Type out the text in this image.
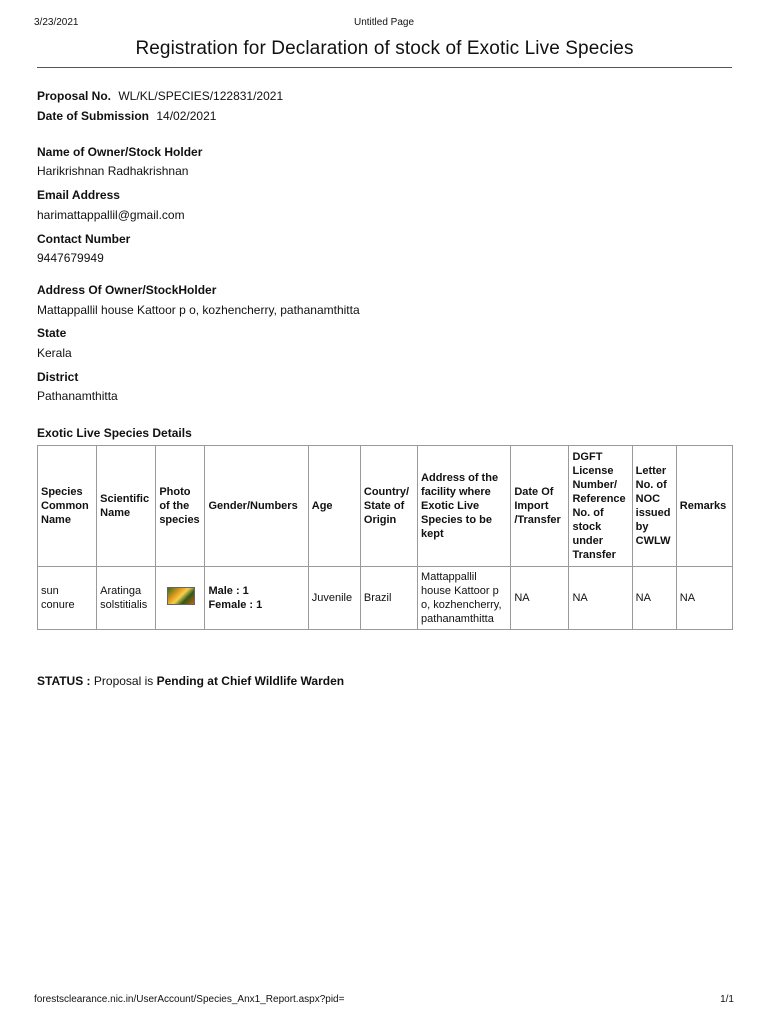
3/23/2021	Untitled Page
Registration for Declaration of stock of Exotic Live Species
Proposal No. WL/KL/SPECIES/122831/2021
Date of Submission 14/02/2021
Name of Owner/Stock Holder
Harikrishnan Radhakrishnan
Email Address
harimattappallil@gmail.com
Contact Number
9447679949
Address Of Owner/StockHolder
Mattappallil house Kattoor p o, kozhencherry, pathanamthitta
State
Kerala
District
Pathanamthitta
Exotic Live Species Details
Species Common Name	Scientific Name	Photo of the species	Gender/Numbers	Age	Country/ State of Origin	Address of the facility where Exotic Live Species to be kept	Date Of Import /Transfer	DGFT License Number/ Reference No. of stock under Transfer	Letter No. of NOC issued by CWLW	Remarks
sun conure	Aratinga solstitialis		Male : 1
Female : 1	Juvenile	Brazil	Mattappallil house Kattoor p o, kozhencherry, pathanamthitta	NA	NA	NA	NA
STATUS : Proposal is Pending at Chief Wildlife Warden
forestsclearance.nic.in/UserAccount/Species_Anx1_Report.aspx?pid=	1/1
